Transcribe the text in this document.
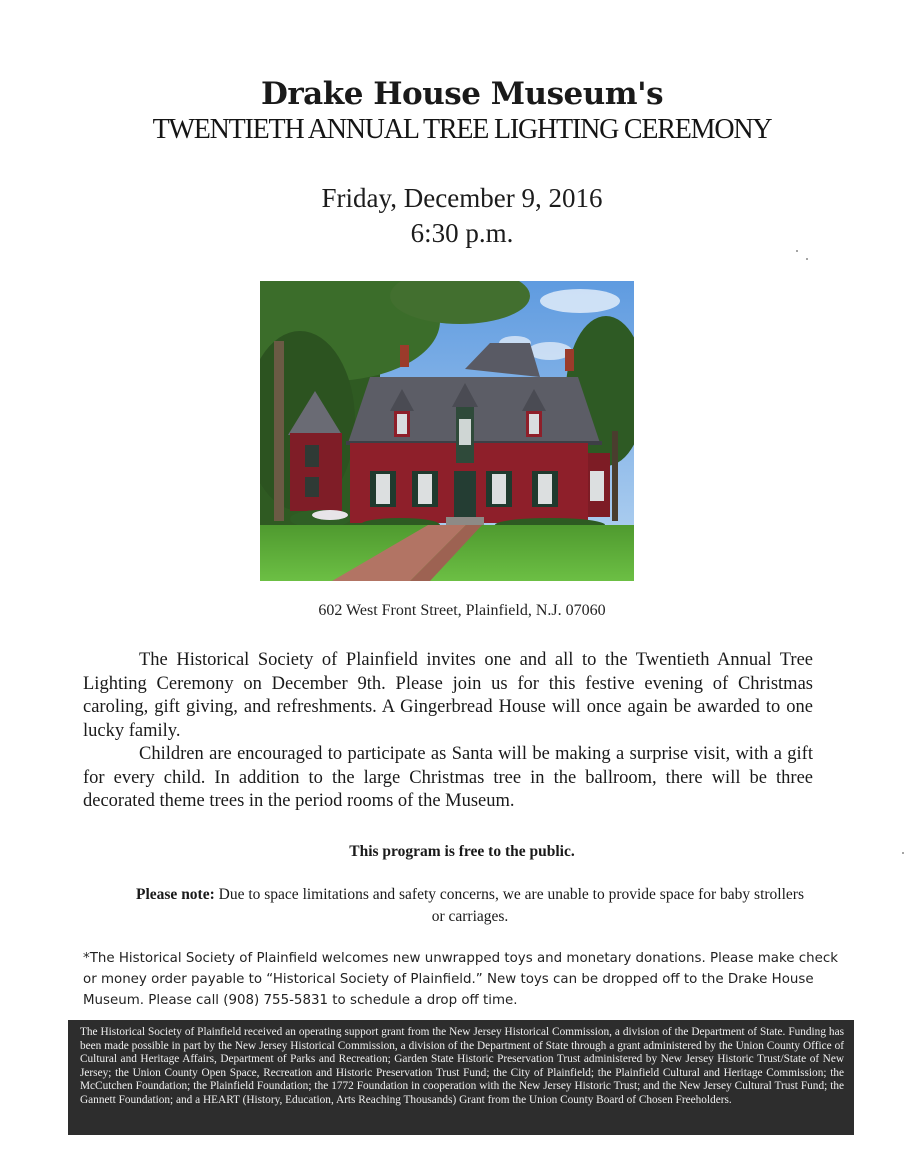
Drake House Museum's
TWENTIETH ANNUAL TREE LIGHTING CEREMONY
Friday, December 9, 2016
6:30 p.m.
602 West Front Street, Plainfield, N.J. 07060

The Historical Society of Plainfield invites one and all to the Twentieth Annual Tree Lighting Ceremony on December 9th. Please join us for this festive evening of Christmas caroling, gift giving, and refreshments. A Gingerbread House will once again be awarded to one lucky family.

Children are encouraged to participate as Santa will be making a surprise visit, with a gift for every child. In addition to the large Christmas tree in the ballroom, there will be three decorated theme trees in the period rooms of the Museum.

This program is free to the public.
Please note: Due to space limitations and safety concerns, we are unable to provide space for baby strollers or carriages.
*The Historical Society of Plainfield welcomes new unwrapped toys and monetary donations. Please make check or money order payable to “Historical Society of Plainfield.” New toys can be dropped off to the Drake House Museum. Please call (908) 755-5831 to schedule a drop off time.

The Historical Society of Plainfield received an operating support grant from the New Jersey Historical Commission, a division of the Department of State. Funding has been made possible in part by the New Jersey Historical Commission, a division of the Department of State through a grant administered by the Union County Office of Cultural and Heritage Affairs, Department of Parks and Recreation; Garden State Historic Preservation Trust administered by New Jersey Historic Trust/State of New Jersey; the Union County Open Space, Recreation and Historic Preservation Trust Fund; the City of Plainfield; the Plainfield Cultural and Heritage Commission; the McCutchen Foundation; the Plainfield Foundation; the 1772 Foundation in cooperation with the New Jersey Historic Trust; and the New Jersey Cultural Trust Fund; the Gannett Foundation; and a HEART (History, Education, Arts Reaching Thousands) Grant from the Union County Board of Chosen Freeholders.
